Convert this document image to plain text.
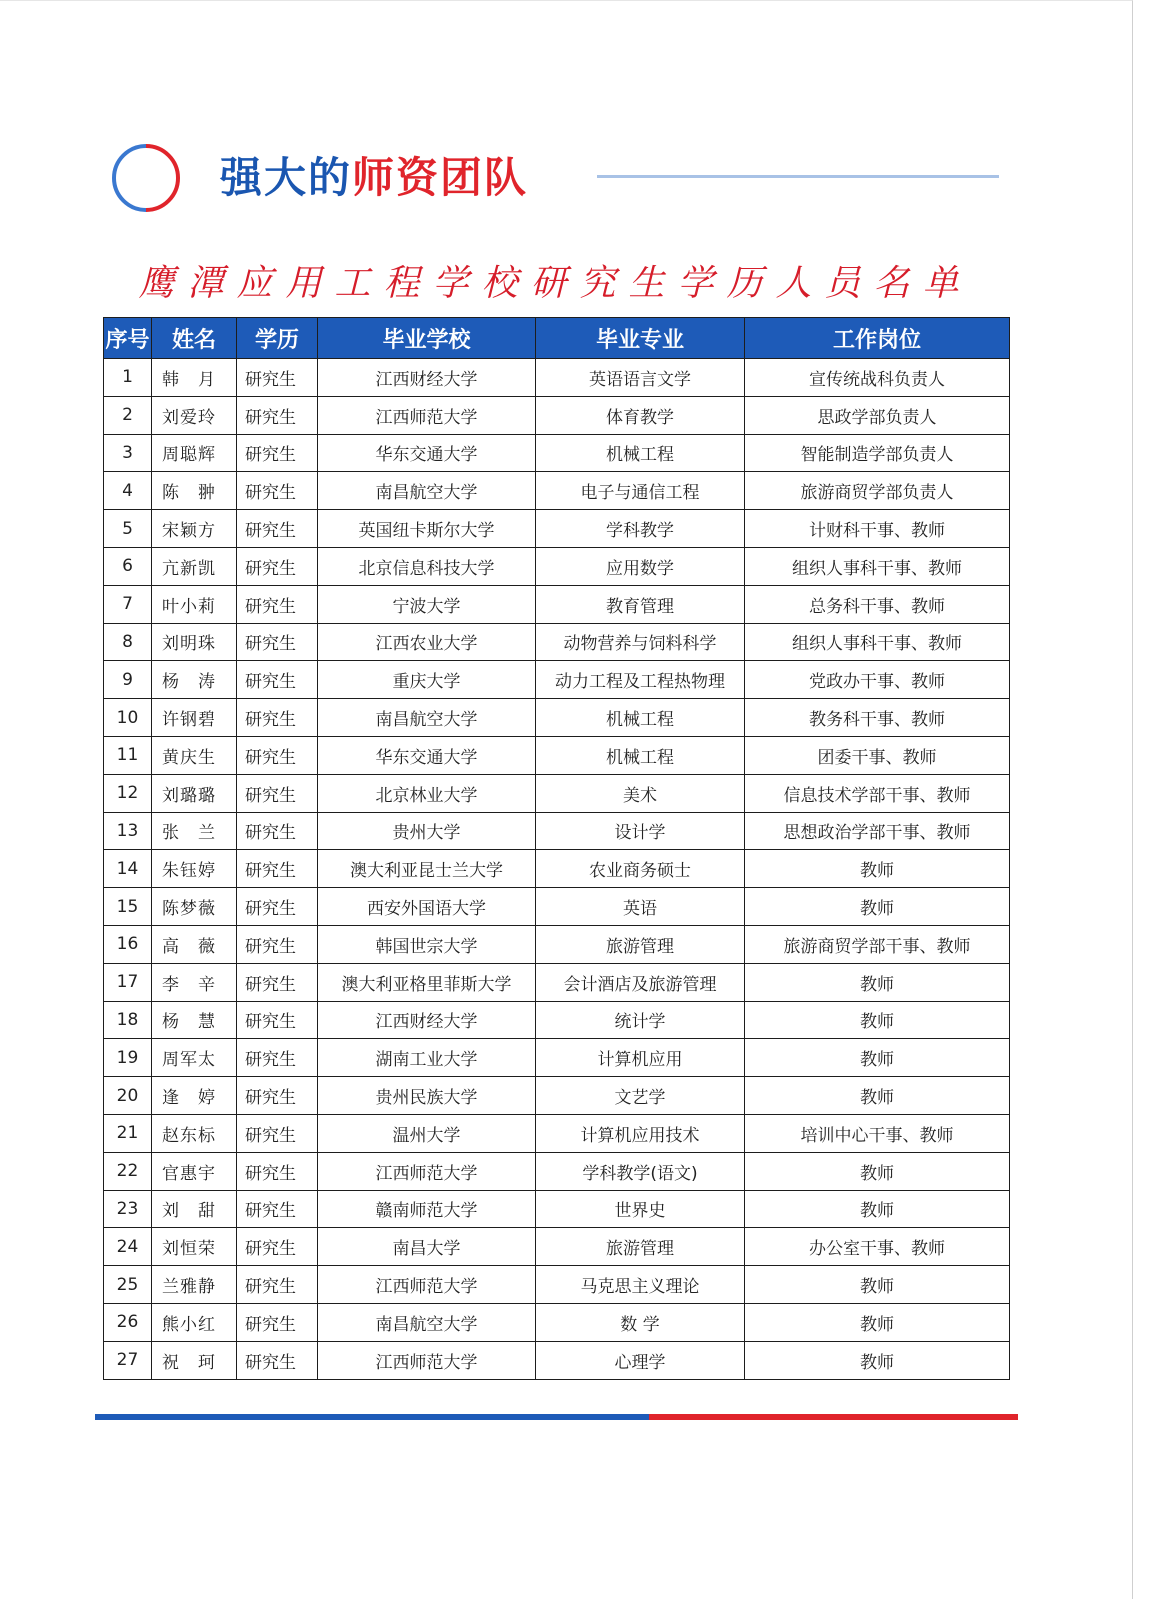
强大的师资团队
鹰潭应用工程学校研究生学历人员名单
序号	姓名	学历	毕业学校	毕业专业	工作岗位
1	韩　月	研究生	江西财经大学	英语语言文学	宣传统战科负责人
2	刘爱玲	研究生	江西师范大学	体育教学	思政学部负责人
3	周聪辉	研究生	华东交通大学	机械工程	智能制造学部负责人
4	陈　翀	研究生	南昌航空大学	电子与通信工程	旅游商贸学部负责人
5	宋颖方	研究生	英国纽卡斯尔大学	学科教学	计财科干事、教师
6	亢新凯	研究生	北京信息科技大学	应用数学	组织人事科干事、教师
7	叶小莉	研究生	宁波大学	教育管理	总务科干事、教师
8	刘明珠	研究生	江西农业大学	动物营养与饲料科学	组织人事科干事、教师
9	杨　涛	研究生	重庆大学	动力工程及工程热物理	党政办干事、教师
10	许钢碧	研究生	南昌航空大学	机械工程	教务科干事、教师
11	黄庆生	研究生	华东交通大学	机械工程	团委干事、教师
12	刘璐璐	研究生	北京林业大学	美术	信息技术学部干事、教师
13	张　兰	研究生	贵州大学	设计学	思想政治学部干事、教师
14	朱钰婷	研究生	澳大利亚昆士兰大学	农业商务硕士	教师
15	陈梦薇	研究生	西安外国语大学	英语	教师
16	高　薇	研究生	韩国世宗大学	旅游管理	旅游商贸学部干事、教师
17	李　辛	研究生	澳大利亚格里菲斯大学	会计酒店及旅游管理	教师
18	杨　慧	研究生	江西财经大学	统计学	教师
19	周军太	研究生	湖南工业大学	计算机应用	教师
20	逢　婷	研究生	贵州民族大学	文艺学	教师
21	赵东标	研究生	温州大学	计算机应用技术	培训中心干事、教师
22	官惠宇	研究生	江西师范大学	学科教学(语文)	教师
23	刘　甜	研究生	赣南师范大学	世界史	教师
24	刘恒荣	研究生	南昌大学	旅游管理	办公室干事、教师
25	兰雅静	研究生	江西师范大学	马克思主义理论	教师
26	熊小红	研究生	南昌航空大学	数 学	教师
27	祝　珂	研究生	江西师范大学	心理学	教师
